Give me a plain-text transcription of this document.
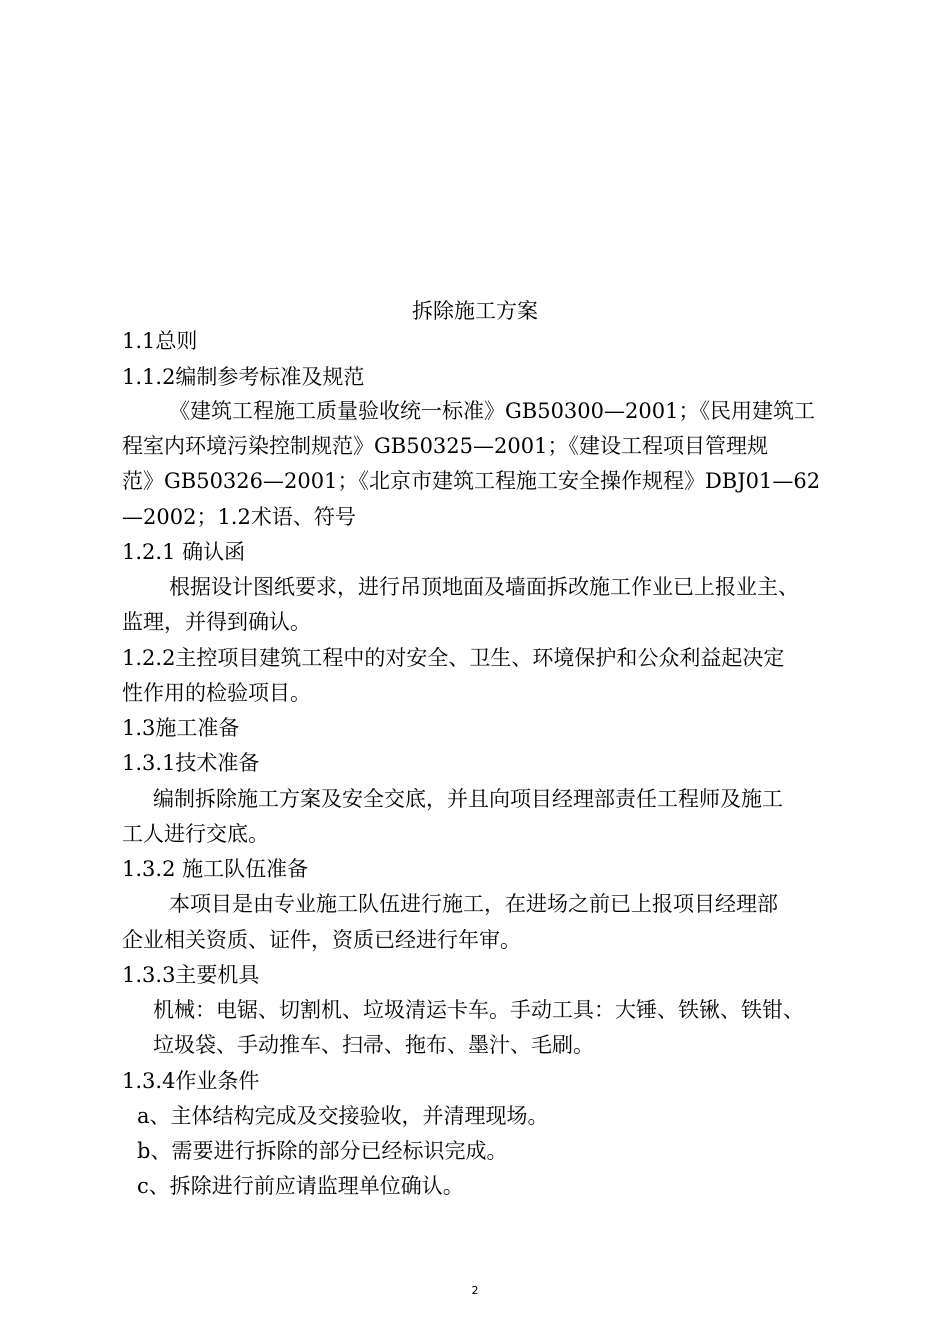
拆除施工方案
1.1总则
1.1.2编制参考标准及规范
《建筑工程施工质量验收统一标准》GB50300—2001；《民用建筑工
程室内环境污染控制规范》GB50325—2001；《建设工程项目管理规
范》GB50326—2001；《北京市建筑工程施工安全操作规程》DBJ01—62
—2002；1.2术语、符号
1.2.1 确认函
根据设计图纸要求，进行吊顶地面及墙面拆改施工作业已上报业主、
监理，并得到确认。
1.2.2主控项目建筑工程中的对安全、卫生、环境保护和公众利益起决定
性作用的检验项目。
1.3施工准备
1.3.1技术准备
编制拆除施工方案及安全交底，并且向项目经理部责任工程师及施工
工人进行交底。
1.3.2 施工队伍准备
本项目是由专业施工队伍进行施工，在进场之前已上报项目经理部
企业相关资质、证件，资质已经进行年审。
1.3.3主要机具
机械：电锯、切割机、垃圾清运卡车。手动工具：大锤、铁锹、铁钳、
垃圾袋、手动推车、扫帚、拖布、墨汁、毛刷。
1.3.4作业条件
a、主体结构完成及交接验收，并清理现场。
b、需要进行拆除的部分已经标识完成。
c、拆除进行前应请监理单位确认。
2
